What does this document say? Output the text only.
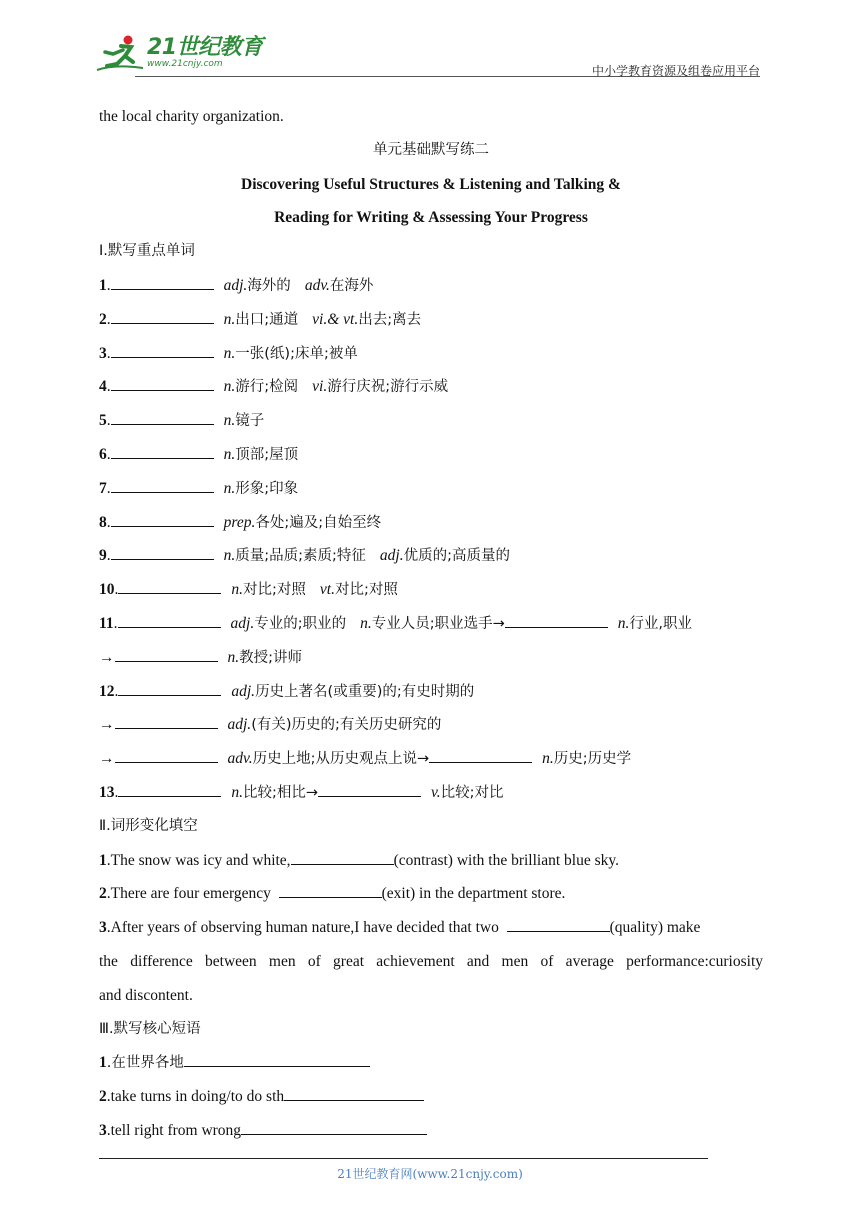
21世纪教育
www.21cnjy.com	中小学教育资源及组卷应用平台
the local charity organization.
单元基础默写练二
Discovering Useful Structures & Listening and Talking &
Reading for Writing & Assessing Your Progress
Ⅰ.默写重点单词
1.	adj.海外的 adv.在海外
2.	n.出口;通道 vi.& vt.出去;离去
3.	n.一张(纸);床单;被单
4.	n.游行;检阅 vi.游行庆祝;游行示威
5.	n.镜子
6.	n.顶部;屋顶
7.	n.形象;印象
8.	prep.各处;遍及;自始至终
9.	n.质量;品质;素质;特征 adj.优质的;高质量的
10.	n.对比;对照 vt.对比;对照
11.	adj.专业的;职业的 n.专业人员;职业选手→	n.行业,职业
→	n.教授;讲师
12.	adj.历史上著名(或重要)的;有史时期的
→	adj.(有关)历史的;有关历史研究的
→	adv.历史上地;从历史观点上说→	n.历史;历史学
13.	n.比较;相比→	v.比较;对比
Ⅱ.词形变化填空
1.The snow was icy and white,	(contrast) with the brilliant blue sky.
2.There are four emergency	(exit) in the department store.
3.After years of observing human nature,I have decided that two	(quality) make
the difference between men of great achievement and men of average performance:curiosity
and discontent.
Ⅲ.默写核心短语
1.在世界各地
2.take turns in doing/to do sth
3.tell right from wrong
21世纪教育网(www.21cnjy.com)
